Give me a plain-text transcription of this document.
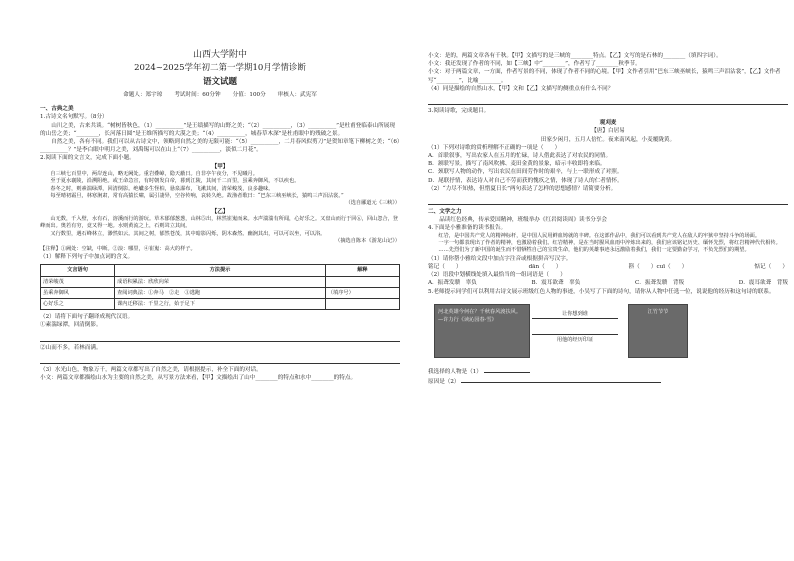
山西大学附中
2024~2025学年初二第一学期10月学情诊断
语文试题
命题人：郑宇琼 考试时间：60分钟 分值：100分 审核人：武宪军
一、古典之美
1.古诗文名句默写。（8分）
山川之美，古来共谈。“树树皆秋色，（1）__________”是王绩描写的山野之美；“（2）__________，（3）__________”是杜甫登临泰山所展现的山岳之美；“________，长河落日圆”是王维所描写的大漠之美；“（4）__________，城春草木深”是杜甫眼中的残破之景。
自然之美，各有不同。我们可以从古诗文中，领略到自然之美的无限可能：“（5）__________，二月春风似剪刀”是贺知章笔下柳树之美；“（6）__________？”是李白眼中明月之美，刘禹锡可以在山上“（7）__________，淡似二月花”。
2.阅读下面的文言文，完成下面小题。
【甲】
自三峡七百里中，两岸连山，略无阙处。重岩叠嶂，隐天蔽日。自非亭午夜分，不见曦月。
至于夏水襄陵，沿溯阻绝。或王命急宣，有时朝发白帝，暮到江陵，其间千二百里，虽乘奔御风，不以疾也。
春冬之时，则素湍绿潭，回清倒影。绝巘多生怪柏，悬泉瀑布，飞漱其间，清荣峻茂，良多趣味。
每至晴初霜旦，林寒涧肃，常有高猿长啸，属引凄异，空谷传响，哀转久绝。故渔者歌曰：“巴东三峡巫峡长，猿鸣三声泪沾裳。”
（选自郦道元《三峡》）
【乙】
山无数，千入壁，水有石，溶溪而行的游玩。草木郁郁葱葱，山林⑤出，林然崔嵬而来。水声湍湍有所闻，心好乐之。又盘山而行于回⑥，回山忽合，登峰而出。奥若有穷，竟又得一地。水则黄流之上，石则耸立其间。
又行数里，遇石峰林立，渺然如云。其间之树，郁然苍茂，其中暗影闪烁，阴木森然。幽涧其出，可以可以坐，可以浴。
（摘选自陈本《游龙山记》）
【注释】①阙处：空缺，中断。②浪：哪里，④崔嵬：高大的样子。
（1）解释下列句子中加点词的含义。
文言语句	方法提示	解释
清荣峻茂	成语积累法：欣欣向荣	
虽乘奔御风	查阅词典法：①奔马　②走　③逃跑	（填序号）
心好乐之	课内迁移法：千里之行，始于足下	
（2）请将下面句子翻译成现代汉语。
①素湍绿潭，回清倒影。
②山而不多，若林而满。
（3）水光山色，物象万千，两篇文章都写出了自然之美，请根据提示，补全下面的对话。
小文：两篇文章都描绘山水为主要的自然之美，从写景方法来看，【甲】文描绘出了山中________的特点和水中________的特点。
小文：是的，两篇文章各有千秋。【甲】文描写的是三峡的________特点。【乙】文写的是石林的________（填四字词）。
小文：我还发现了作者的不同，如【三峡】中“________”，作者写了________秋季节。
小文：对于两篇文章，一方面，作者写景的不同，体现了作者不同的心境。【甲】文作者引用“巴东三峡巫峡长，猿鸣三声泪沾裳”，【乙】文作者写“________”，比喻________。
（4）同是描绘的自然山水，【甲】文和【乙】文描写的侧重点有什么不同？
3.阅读诗歌，完成题目。
观刈麦
【唐】白居易
田家少闲月，五月人倍忙。夜来南风起，小麦覆陇黄。
（1）下列对诗歌的赏析理解不正确的一项是（　　）
A．首联叙事，写出农家人在五月的忙碌，诗人借此表达了对农民的同情。
B．颔联写景，描写了南风吹拂、麦田金黄的景象，暗示丰收即将来临。
C．颈联写人物的动作，写出农民在田间劳作时的艰辛，与上一联形成了对照。
D．尾联抒情，表达诗人对自己不劳而获的愧疚之情，体现了诗人的仁者情怀。
（2）“力尽不知热，但惜夏日长”两句表达了怎样的思想感情？请简要分析。
二、文学之力
品读红色经典，传承爱国精神，班级举办《红岩阅读周》读书分享会
4.下面是小雅准备的读书报告。
红岩，是中国共产党人的精神标杆，是中国人民用鲜血铸就的丰碑。在这部作品中，我们可以看到共产党人在敌人的牢狱中坚持斗争的场面。
一字一句都表现出了作者的精神，也激励着我们。红岩精神，是在当时腥风血雨中淬炼出来的，我们应该铭记历史、缅怀先烈，将红岩精神代代相传。
……先烈们为了新中国的诞生而不惜牺牲自己的宝贵生命，他们的英雄事迹永远激励着我们，我们一定要勤奋学习，不负先烈们的期望。
（1）请你帮小雅给文段中加点字注音或根据拼音写汉字。
铭记（　　）	dān（　　）	斟（　　）cuī（　　）	惦记（　　）
（2）语段中划横线处填入最恰当的一组词语是（　　）
A．振聋发聩　辜负	B．震耳欲聋　辜负	C．振聋发聩　背叛	D．震耳欲聋　背叛
5.老师提示同学们可以利用古诗文展示班级红色人物的事迹，小吴写了下面的诗句，请你从人物中任选一位，说说他的经历和这句诗的联系。
河北英雄今何在？千秋春风渡扶风。—许力行《读沁园春·雪》
让你想到谁
用他的经历印证
江竹节节
我选择的人物是（1）
原因是（2）
